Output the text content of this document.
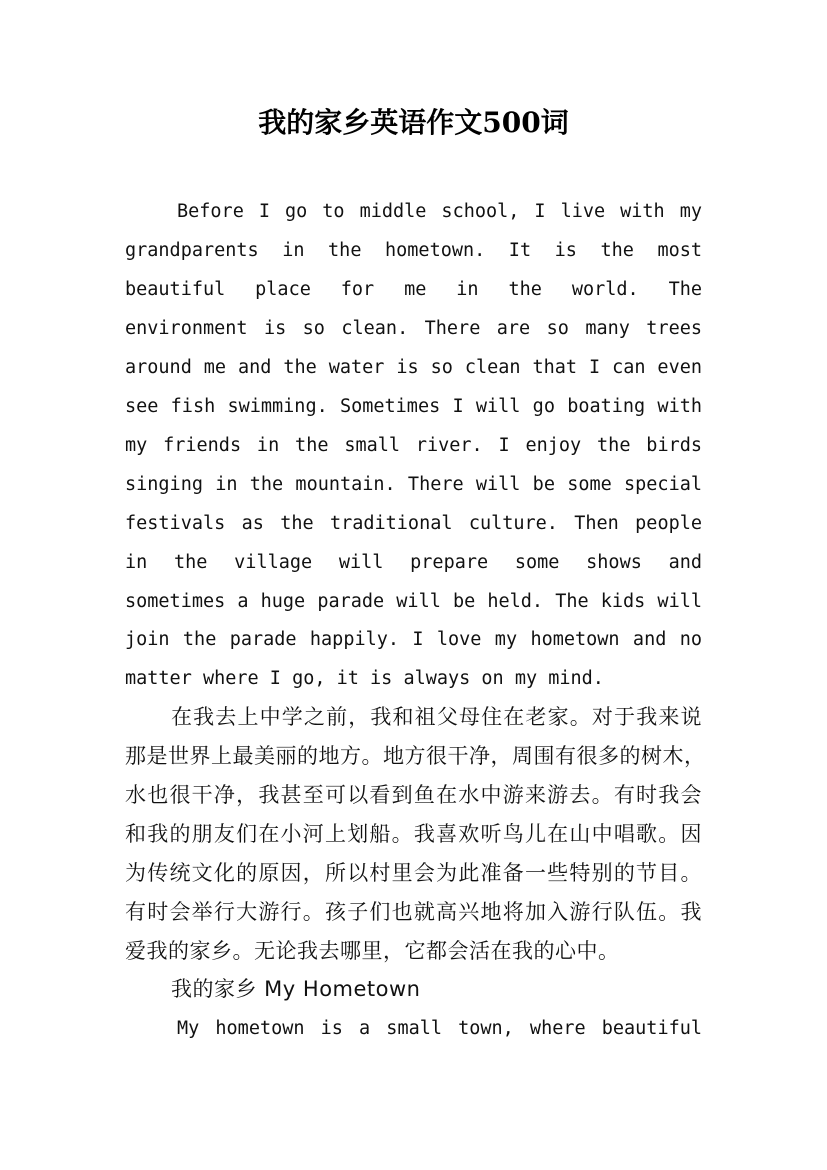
我的家乡英语作文500词
Before I go to middle school, I live with my
grandparents in the hometown. It is the most
beautiful place for me in the world. The
environment is so clean. There are so many trees
around me and the water is so clean that I can even
see fish swimming. Sometimes I will go boating with
my friends in the small river. I enjoy the birds
singing in the mountain. There will be some special
festivals as the traditional culture. Then people
in the village will prepare some shows and
sometimes a huge parade will be held. The kids will
join the parade happily. I love my hometown and no
matter where I go, it is always on my mind.
在我去上中学之前，我和祖父母住在老家。对于我来说
那是世界上最美丽的地方。地方很干净，周围有很多的树木，
水也很干净，我甚至可以看到鱼在水中游来游去。有时我会
和我的朋友们在小河上划船。我喜欢听鸟儿在山中唱歌。因
为传统文化的原因，所以村里会为此准备一些特别的节目。
有时会举行大游行。孩子们也就高兴地将加入游行队伍。我
爱我的家乡。无论我去哪里，它都会活在我的心中。
我的家乡 My Hometown
My hometown is a small town, where beautiful
